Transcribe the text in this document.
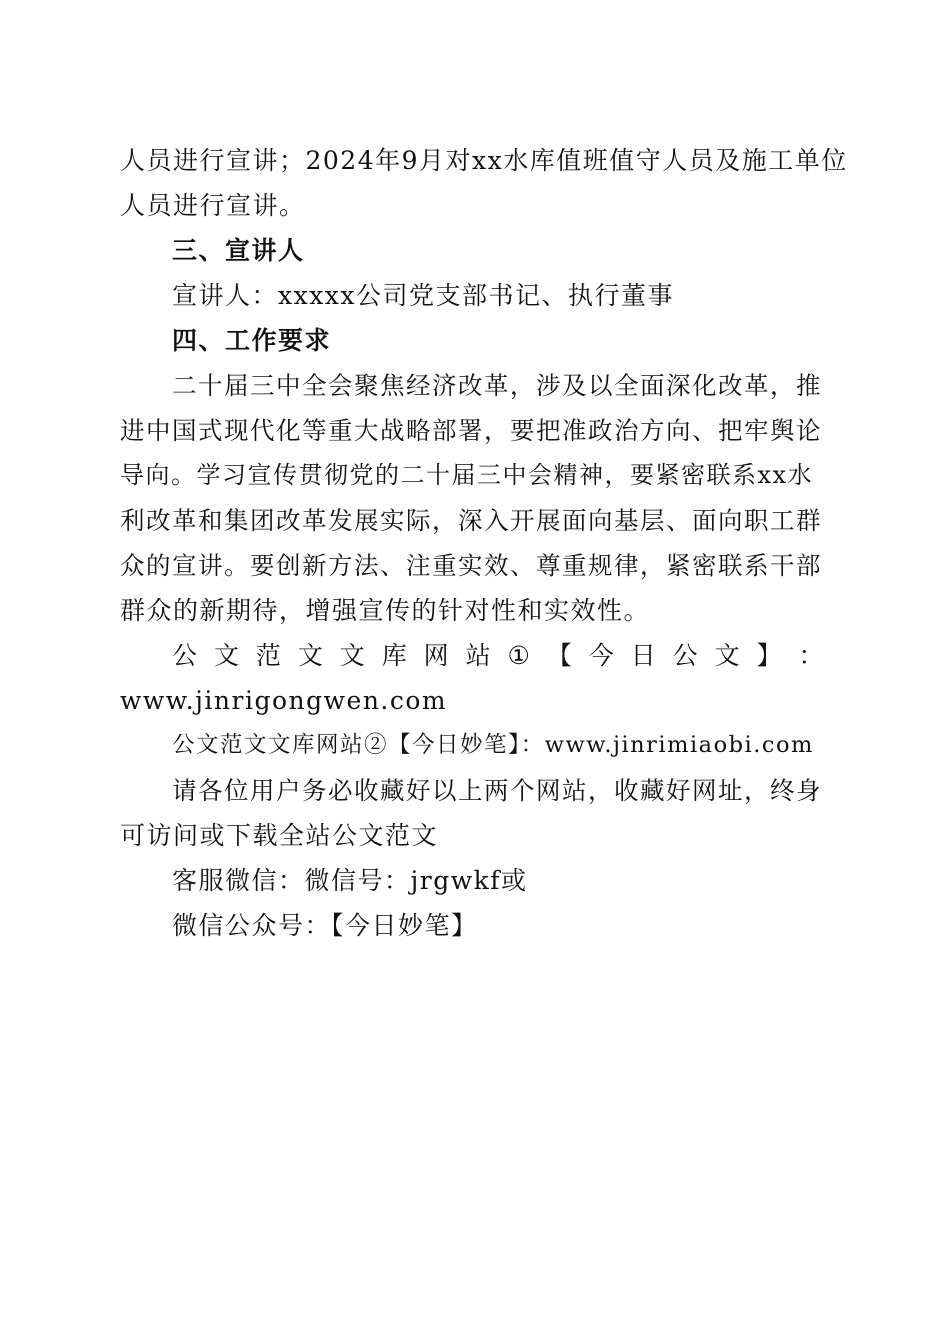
人员进行宣讲；2024年9月对xx水库值班值守人员及施工单位
人员进行宣讲。
三、宣讲人
宣讲人：xxxxx公司党支部书记、执行董事
四、工作要求
二十届三中全会聚焦经济改革，涉及以全面深化改革，推
进中国式现代化等重大战略部署，要把准政治方向、把牢舆论
导向。学习宣传贯彻党的二十届三中会精神，要紧密联系xx水
利改革和集团改革发展实际，深入开展面向基层、面向职工群
众的宣讲。要创新方法、注重实效、尊重规律，紧密联系干部
群众的新期待，增强宣传的针对性和实效性。
公 文 范 文 文 库 网 站 ① 【 今 日 公 文 】 ：
www.jinrigongwen.com
公文范文文库网站②【今日妙笔】：www.jinrimiaobi.com
请各位用户务必收藏好以上两个网站，收藏好网址，终身
可访问或下载全站公文范文
客服微信：微信号：jrgwkf或
微信公众号：【今日妙笔】
